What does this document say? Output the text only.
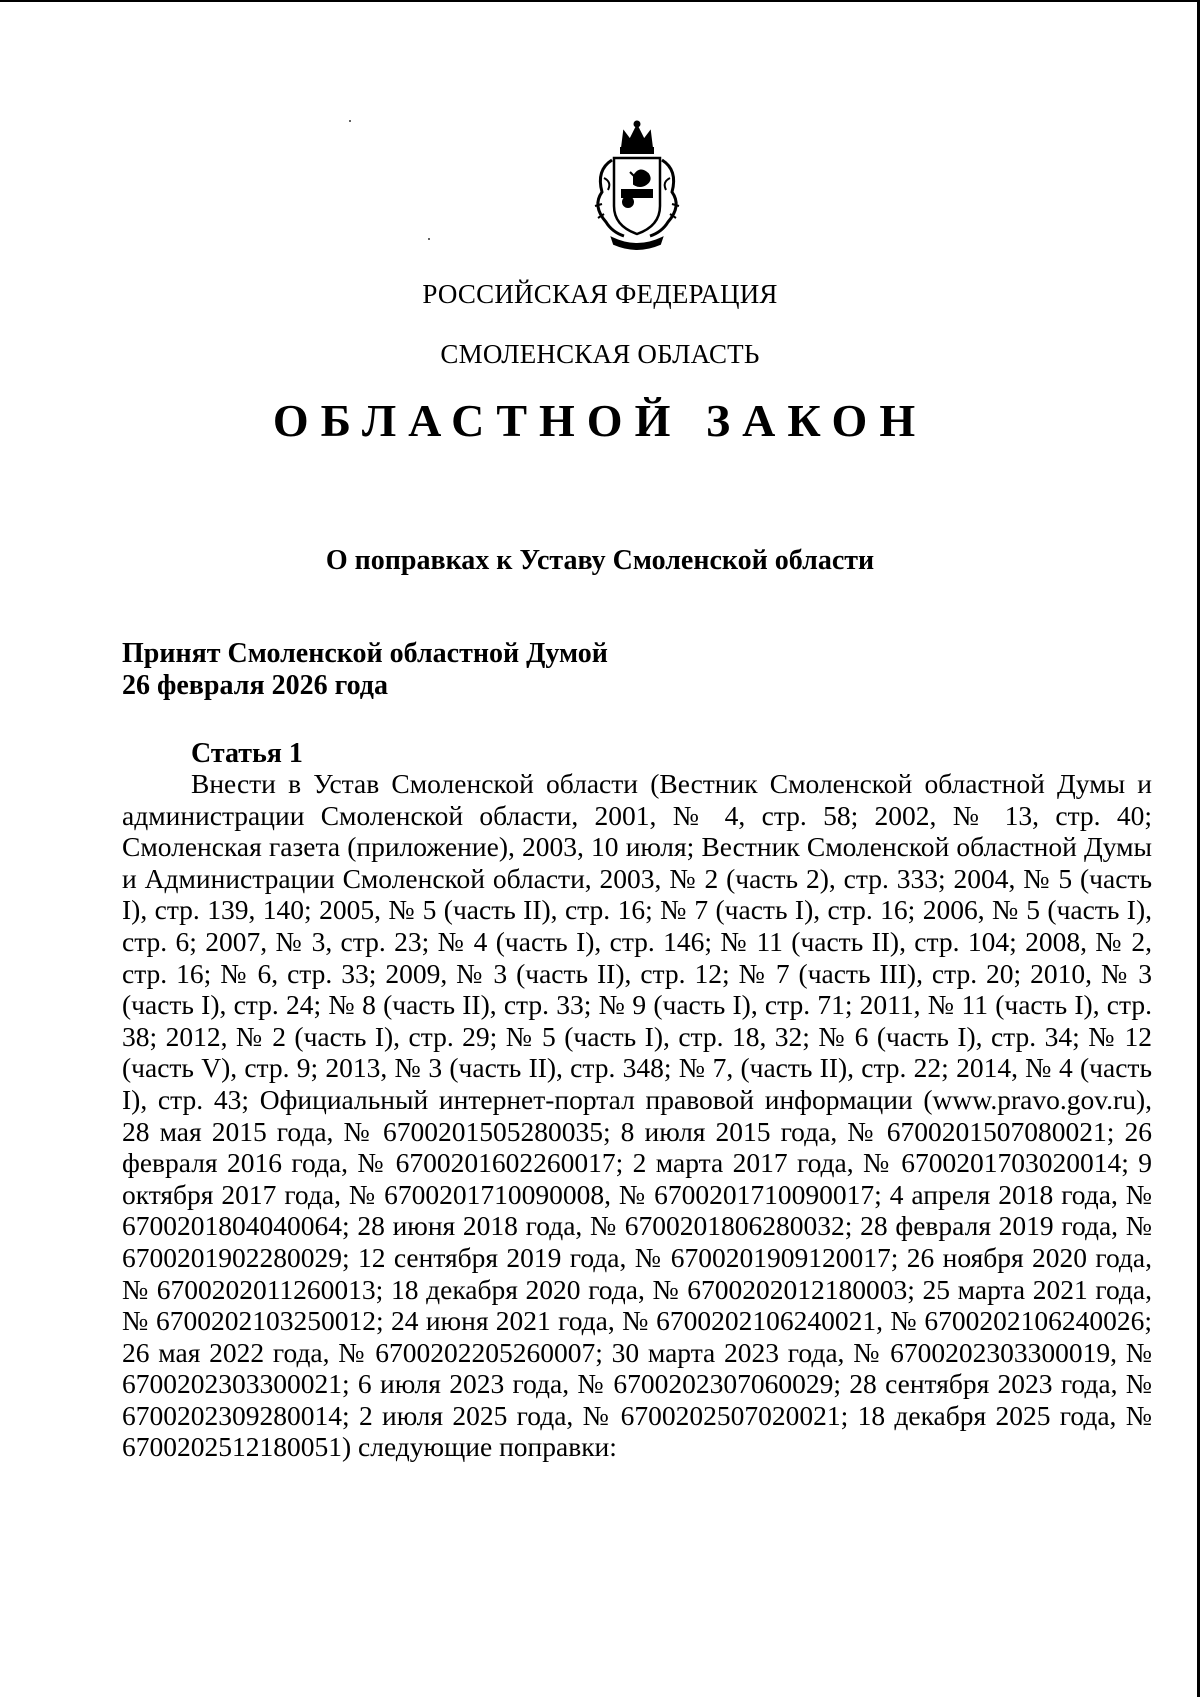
РОССИЙСКАЯ ФЕДЕРАЦИЯ
СМОЛЕНСКАЯ ОБЛАСТЬ
ОБЛАСТНОЙ ЗАКОН
О поправках к Уставу Смоленской области
Принят Смоленской областной Думой
26 февраля 2026 года
Статья 1

Внести в Устав Смоленской области (Вестник Смоленской областной Думы и администрации Смоленской области, 2001, № 4, стр. 58; 2002, № 13, стр. 40; Смоленская газета (приложение), 2003, 10 июля; Вестник Смоленской областной Думы и Администрации Смоленской области, 2003, № 2 (часть 2), стр. 333; 2004, № 5 (часть I), стр. 139, 140; 2005, № 5 (часть II), стр. 16; № 7 (часть I), стр. 16; 2006, № 5 (часть I), стр. 6; 2007, № 3, стр. 23; № 4 (часть I), стр. 146; № 11 (часть II), стр. 104; 2008, № 2, стр. 16; № 6, стр. 33; 2009, № 3 (часть II), стр. 12; № 7 (часть III), стр. 20; 2010, № 3 (часть I), стр. 24; № 8 (часть II), стр. 33; № 9 (часть I), стр. 71; 2011, № 11 (часть I), стр. 38; 2012, № 2 (часть I), стр. 29; № 5 (часть I), стр. 18, 32; № 6 (часть I), стр. 34; № 12 (часть V), стр. 9; 2013, № 3 (часть II), стр. 348; № 7, (часть II), стр. 22; 2014, № 4 (часть I), стр. 43; Официальный интернет-портал правовой информации (www.pravo.gov.ru), 28 мая 2015 года, № 6700201505280035; 8 июля 2015 года, № 6700201507080021; 26 февраля 2016 года, № 6700201602260017; 2 марта 2017 года, № 6700201703020014; 9 октября 2017 года, № 6700201710090008, № 6700201710090017; 4 апреля 2018 года, № 6700201804040064; 28 июня 2018 года, № 6700201806280032; 28 февраля 2019 года, № 6700201902280029; 12 сентября 2019 года, № 6700201909120017; 26 ноября 2020 года, № 6700202011260013; 18 декабря 2020 года, № 6700202012180003; 25 марта 2021 года, № 6700202103250012; 24 июня 2021 года, № 6700202106240021, № 6700202106240026; 26 мая 2022 года, № 6700202205260007; 30 марта 2023 года, № 6700202303300019, № 6700202303300021; 6 июля 2023 года, № 6700202307060029; 28 сентября 2023 года, № 6700202309280014; 2 июля 2025 года, № 6700202507020021; 18 декабря 2025 года, № 6700202512180051) следующие поправки:
